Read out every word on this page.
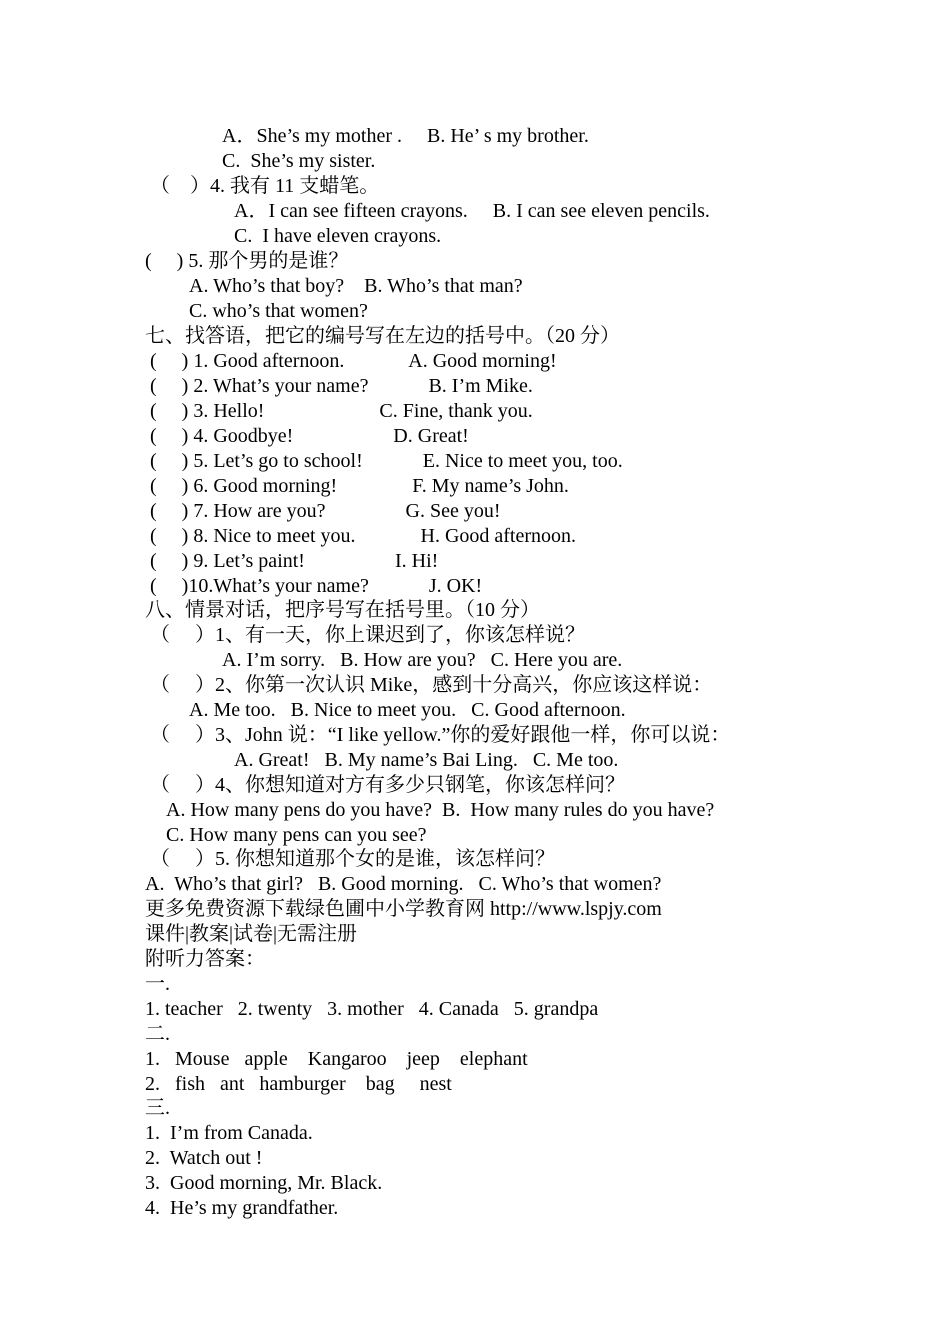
A．She’s my mother .     B. He’ s my brother.
C.  She’s my sister.
（    ）4. 我有 11 支蜡笔。
A．I can see fifteen crayons.     B. I can see eleven pencils.
C.  I have eleven crayons.
(     ) 5. 那个男的是谁？
A. Who’s that boy?    B. Who’s that man?
C. who’s that women?
七、找答语，把它的编号写在左边的括号中。（20 分）
(     ) 1. Good afternoon.             A. Good morning!
(     ) 2. What’s your name?            B. I’m Mike.
(     ) 3. Hello!                       C. Fine, thank you.
(     ) 4. Goodbye!                    D. Great!
(     ) 5. Let’s go to school!            E. Nice to meet you, too.
(     ) 6. Good morning!               F. My name’s John.
(     ) 7. How are you?                G. See you!
(     ) 8. Nice to meet you.             H. Good afternoon.
(     ) 9. Let’s paint!                  I. Hi!
(     )10.What’s your name?            J. OK!
八、情景对话，把序号写在括号里。（10 分）
（     ）1、有一天，你上课迟到了，你该怎样说？
A. I’m sorry.   B. How are you?   C. Here you are.
（     ）2、你第一次认识 Mike，感到十分高兴，你应该这样说：
A. Me too.   B. Nice to meet you.   C. Good afternoon.
（     ）3、John 说：“I like yellow.”你的爱好跟他一样，你可以说：
A. Great!   B. My name’s Bai Ling.   C. Me too.
（     ）4、你想知道对方有多少只钢笔，你该怎样问？
A. How many pens do you have?  B.  How many rules do you have?
C. How many pens can you see?
（     ）5. 你想知道那个女的是谁，该怎样问？
A.  Who’s that girl?   B. Good morning.   C. Who’s that women?
更多免费资源下载绿色圃中小学教育网 http://www.lspjy.com
课件|教案|试卷|无需注册
附听力答案：
一.
1. teacher   2. twenty   3. mother   4. Canada   5. grandpa
二.
1.   Mouse   apple    Kangaroo    jeep    elephant
2.   fish   ant   hamburger    bag     nest
三.
1.  I’m from Canada.
2.  Watch out !
3.  Good morning, Mr. Black.
4.  He’s my grandfather.
